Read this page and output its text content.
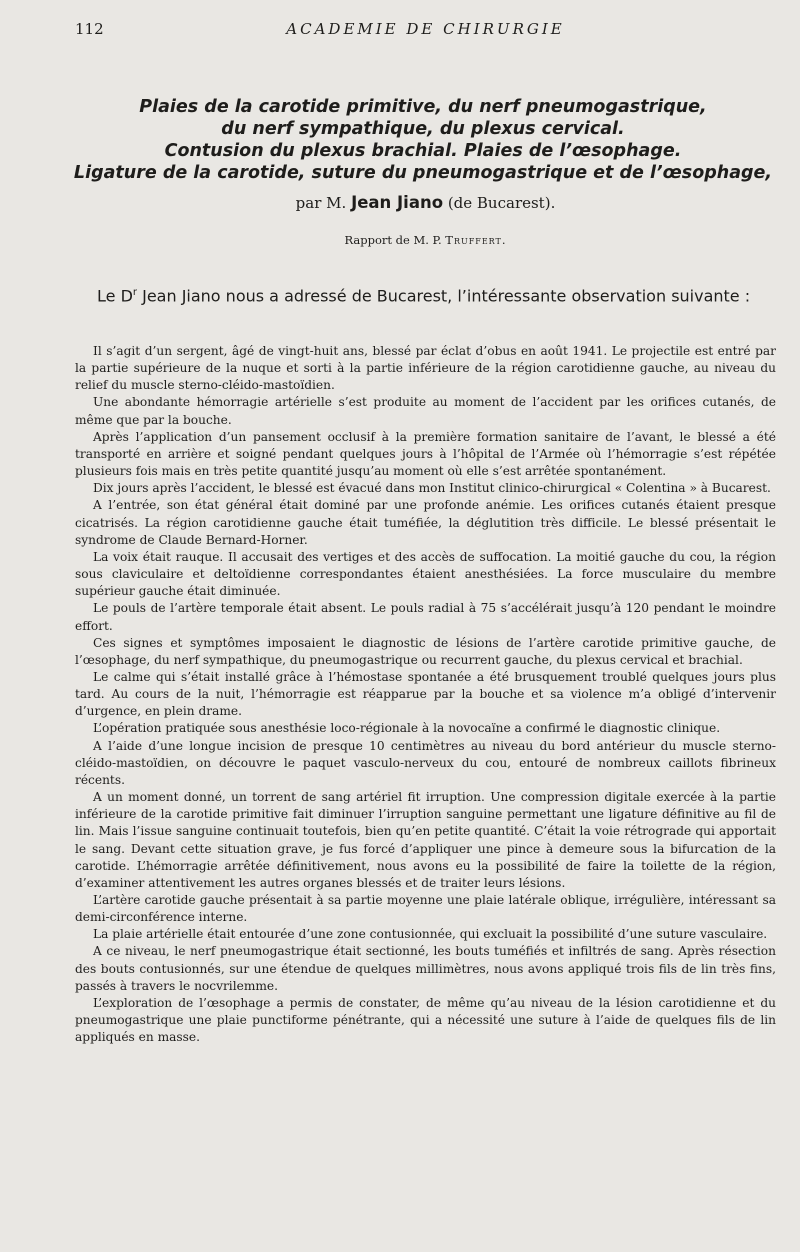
112	ACADEMIE DE CHIRURGIE
Plaies de la carotide primitive, du nerf pneumogastrique,
du nerf sympathique, du plexus cervical.
Contusion du plexus brachial. Plaies de l’œsophage.
Ligature de la carotide, suture du pneumogastrique et de l’œsophage,
par M. Jean Jiano (de Bucarest).
Rapport de M. P. Truffert.
Le $D^r$ Jean Jiano nous a adressé de Bucarest, l’intéressante observation suivante :

Il s’agit d’un sergent, âgé de vingt-huit ans, blessé par éclat d’obus en août 1941. Le projectile est entré par la partie supérieure de la nuque et sorti à la partie inférieure de la région carotidienne gauche, au niveau du relief du muscle sterno-cléido-mastoïdien.

Une abondante hémorragie artérielle s’est produite au moment de l’accident par les orifices cutanés, de même que par la bouche.

Après l’application d’un pansement occlusif à la première formation sanitaire de l’avant, le blessé a été transporté en arrière et soigné pendant quelques jours à l’hôpital de l’Armée où l’hémorragie s’est répétée plusieurs fois mais en très petite quantité jusqu’au moment où elle s’est arrêtée spontanément.

Dix jours après l’accident, le blessé est évacué dans mon Institut clinico-chirurgical « Colentina » à Bucarest.

A l’entrée, son état général était dominé par une profonde anémie. Les orifices cutanés étaient presque cicatrisés. La région carotidienne gauche était tuméfiée, la déglutition très difficile. Le blessé présentait le syndrome de Claude Bernard-Horner.

La voix était rauque. Il accusait des vertiges et des accès de suffocation. La moitié gauche du cou, la région sous claviculaire et deltoïdienne correspondantes étaient anesthésiées. La force musculaire du membre supérieur gauche était diminuée.

Le pouls de l’artère temporale était absent. Le pouls radial à 75 s’accélérait jusqu’à 120 pendant le moindre effort.

Ces signes et symptômes imposaient le diagnostic de lésions de l’artère carotide primitive gauche, de l’œsophage, du nerf sympathique, du pneumogastrique ou recurrent gauche, du plexus cervical et brachial.

Le calme qui s’était installé grâce à l’hémostase spontanée a été brusquement troublé quelques jours plus tard. Au cours de la nuit, l’hémorragie est réapparue par la bouche et sa violence m’a obligé d’intervenir d’urgence, en plein drame.

L’opération pratiquée sous anesthésie loco-régionale à la novocaïne a confirmé le diagnostic clinique.

A l’aide d’une longue incision de presque 10 centimètres au niveau du bord antérieur du muscle sterno-cléido-mastoïdien, on découvre le paquet vasculo-nerveux du cou, entouré de nombreux caillots fibrineux récents.

A un moment donné, un torrent de sang artériel fit irruption. Une compression digitale exercée à la partie inférieure de la carotide primitive fait diminuer l’irruption sanguine permettant une ligature définitive au fil de lin. Mais l’issue sanguine continuait toutefois, bien qu’en petite quantité. C’était la voie rétrograde qui apportait le sang. Devant cette situation grave, je fus forcé d’appliquer une pince à demeure sous la bifurcation de la carotide. L’hémorragie arrêtée définitivement, nous avons eu la possibilité de faire la toilette de la région, d’examiner attentivement les autres organes blessés et de traiter leurs lésions.

L’artère carotide gauche présentait à sa partie moyenne une plaie latérale oblique, irrégulière, intéressant sa demi-circonférence interne.

La plaie artérielle était entourée d’une zone contusionnée, qui excluait la possibilité d’une suture vasculaire.

A ce niveau, le nerf pneumogastrique était sectionné, les bouts tuméfiés et infiltrés de sang. Après résection des bouts contusionnés, sur une étendue de quelques millimètres, nous avons appliqué trois fils de lin très fins, passés à travers le nocvrilemme.

L’exploration de l’œsophage a permis de constater, de même qu’au niveau de la lésion carotidienne et du pneumogastrique une plaie punctiforme pénétrante, qui a nécessité une suture à l’aide de quelques fils de lin appliqués en masse.
